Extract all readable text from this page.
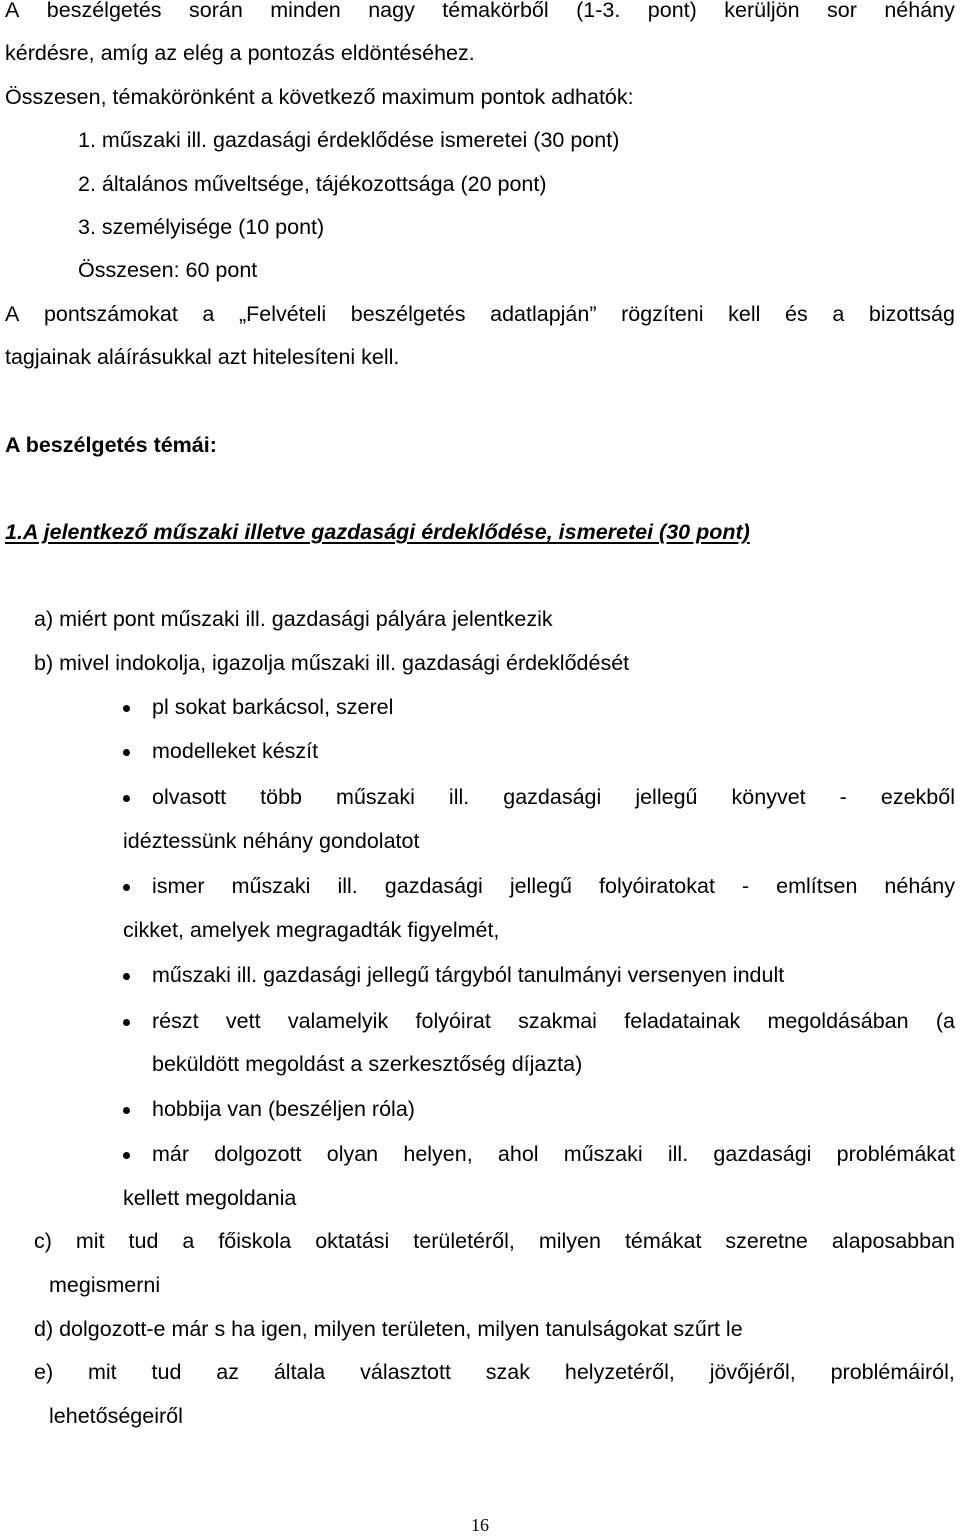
A beszélgetés során minden nagy témakörből (1-3. pont) kerüljön sor néhány
kérdésre, amíg az elég a pontozás eldöntéséhez.
Összesen, témakörönként a következő maximum pontok adhatók:
1. műszaki ill. gazdasági érdeklődése ismeretei (30 pont)
2. általános műveltsége, tájékozottsága (20 pont)
3. személyisége (10 pont)
Összesen: 60 pont
A pontszámokat a „Felvételi beszélgetés adatlapján” rögzíteni kell és a bizottság
tagjainak aláírásukkal azt hitelesíteni kell.
A beszélgetés témái:
1.A jelentkező műszaki illetve gazdasági érdeklődése, ismeretei (30 pont)
a) miért pont műszaki ill. gazdasági pályára jelentkezik
b) mivel indokolja, igazolja műszaki ill. gazdasági érdeklődését
pl sokat barkácsol, szerel
modelleket készít
olvasott több műszaki ill. gazdasági jellegű könyvet - ezekből
idéztessünk néhány gondolatot
ismer műszaki ill. gazdasági jellegű folyóiratokat - említsen néhány
cikket, amelyek megragadták figyelmét,
műszaki ill. gazdasági jellegű tárgyból tanulmányi versenyen indult
részt vett valamelyik folyóirat szakmai feladatainak megoldásában (a
beküldött megoldást a szerkesztőség díjazta)
hobbija van (beszéljen róla)
már dolgozott olyan helyen, ahol műszaki ill. gazdasági problémákat
kellett megoldania
c) mit tud a főiskola oktatási területéről, milyen témákat szeretne alaposabban
megismerni
d) dolgozott-e már s ha igen, milyen területen, milyen tanulságokat szűrt le
e) mit tud az általa választott szak helyzetéről, jövőjéről, problémáiról,
lehetőségeiről
16
